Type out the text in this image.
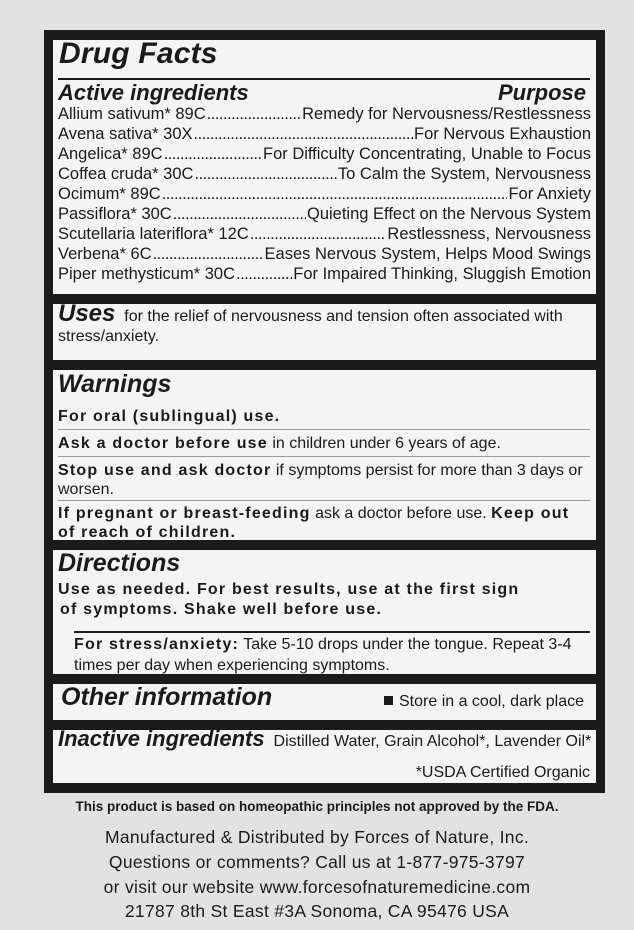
Drug Facts
Active ingredients	Purpose
Allium sativum* 89C .....	Remedy for Nervousness/Restlessness
Avena sativa* 30X .....	For Nervous Exhaustion
Angelica* 89C .....	For Difficulty Concentrating, Unable to Focus
Coffea cruda* 30C .....	To Calm the System, Nervousness
Ocimum* 89C .....	For Anxiety
Passiflora* 30C .....	Quieting Effect on the Nervous System
Scutellaria lateriflora* 12C .....	Restlessness, Nervousness
Verbena* 6C .....	Eases Nervous System, Helps Mood Swings
Piper methysticum* 30C .....	For Impaired Thinking, Sluggish Emotion
Uses for the relief of nervousness and tension often associated with stress/anxiety.
Warnings
For oral (sublingual) use.
Ask a doctor before use in children under 6 years of age.
Stop use and ask doctor if symptoms persist for more than 3 days or worsen.
If pregnant or breast-feeding ask a doctor before use. Keep out of reach of children.
Directions
Use as needed. For best results, use at the first sign
of symptoms. Shake well before use.
For stress/anxiety: Take 5-10 drops under the tongue. Repeat 3-4 times per day when experiencing symptoms.
Other information	Store in a cool, dark place
Inactive ingredients Distilled Water, Grain Alcohol*, Lavender Oil*
*USDA Certified Organic
This product is based on homeopathic principles not approved by the FDA.
Manufactured & Distributed by Forces of Nature, Inc.
Questions or comments? Call us at 1-877-975-3797
or visit our website www.forcesofnaturemedicine.com
21787 8th St East #3A Sonoma, CA 95476 USA
